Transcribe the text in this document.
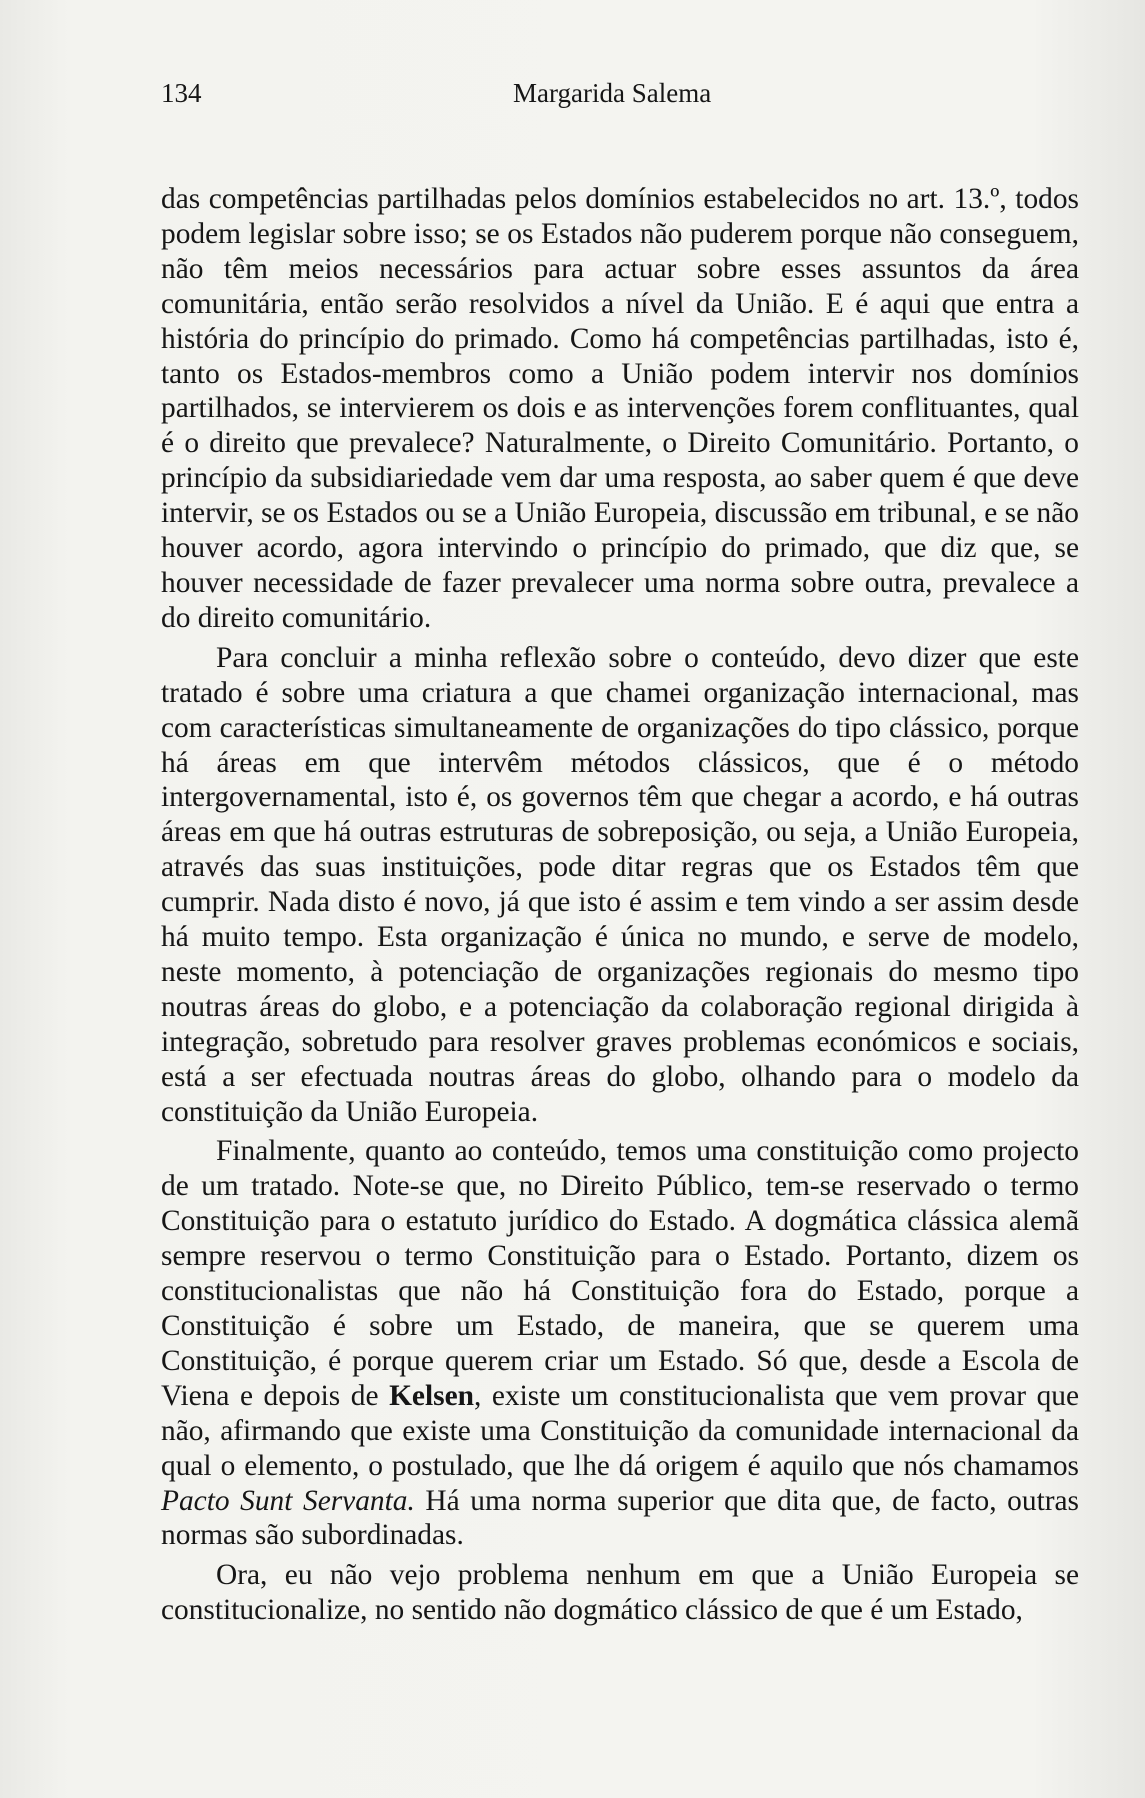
134	Margarida Salema

das competências partilhadas pelos domínios estabelecidos no art. 13.º, todos podem legislar sobre isso; se os Estados não puderem porque não conseguem, não têm meios necessários para actuar sobre esses assuntos da área comunitária, então serão resolvidos a nível da União. E é aqui que entra a história do princípio do primado. Como há competências partilhadas, isto é, tanto os Estados-membros como a União podem intervir nos domínios partilhados, se intervierem os dois e as intervenções forem conflituantes, qual é o direito que prevalece? Naturalmente, o Direito Comunitário. Portanto, o princípio da subsidiariedade vem dar uma resposta, ao saber quem é que deve intervir, se os Estados ou se a União Europeia, discussão em tribunal, e se não houver acordo, agora intervindo o princípio do primado, que diz que, se houver necessidade de fazer prevalecer uma norma sobre outra, prevalece a do direito comunitário.

Para concluir a minha reflexão sobre o conteúdo, devo dizer que este tratado é sobre uma criatura a que chamei organização internacional, mas com características simultaneamente de organizações do tipo clássico, porque há áreas em que intervêm métodos clássicos, que é o método intergovernamental, isto é, os governos têm que chegar a acordo, e há outras áreas em que há outras estruturas de sobreposição, ou seja, a União Europeia, através das suas instituições, pode ditar regras que os Estados têm que cumprir. Nada disto é novo, já que isto é assim e tem vindo a ser assim desde há muito tempo. Esta organização é única no mundo, e serve de modelo, neste momento, à potenciação de organizações regionais do mesmo tipo noutras áreas do globo, e a potenciação da colaboração regional dirigida à integração, sobretudo para resolver graves problemas económicos e sociais, está a ser efectuada noutras áreas do globo, olhando para o modelo da constituição da União Europeia.

Finalmente, quanto ao conteúdo, temos uma constituição como projecto de um tratado. Note-se que, no Direito Público, tem-se reservado o termo Constituição para o estatuto jurídico do Estado. A dogmática clássica alemã sempre reservou o termo Constituição para o Estado. Portanto, dizem os constitucionalistas que não há Constituição fora do Estado, porque a Constituição é sobre um Estado, de maneira, que se querem uma Constituição, é porque querem criar um Estado. Só que, desde a Escola de Viena e depois de Kelsen, existe um constitucionalista que vem provar que não, afirmando que existe uma Constituição da comunidade internacional da qual o elemento, o postulado, que lhe dá origem é aquilo que nós chamamos Pacto Sunt Servanta. Há uma norma superior que dita que, de facto, outras normas são subordinadas.

Ora, eu não vejo problema nenhum em que a União Europeia se constitucionalize, no sentido não dogmático clássico de que é um Estado,
